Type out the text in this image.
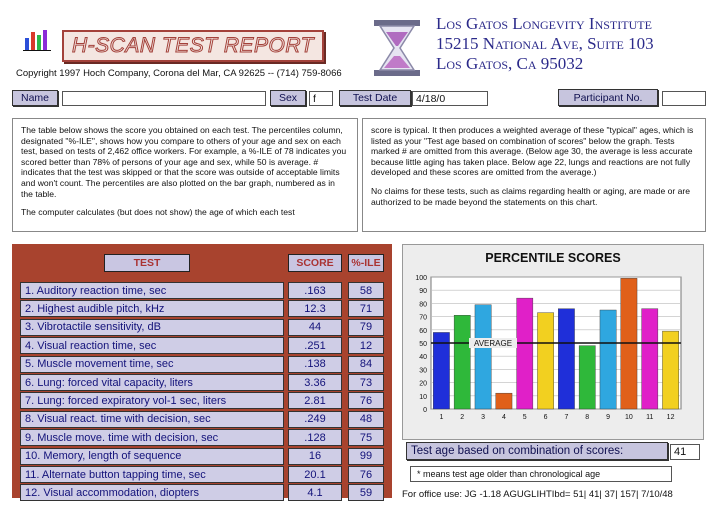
H-SCAN TEST REPORT
Copyright 1997 Hoch Company, Corona del Mar, CA 92625 -- (714) 759-8066
Los Gatos Longevity Institute
15215 National Ave, Suite 103
Los Gatos, Ca 95032
Name	Sex	f	Test Date	4/18/0	Participant No.

The table below shows the score you obtained on each test. The percentiles column, designated "%-ILE", shows how you compare to others of your age and sex on each test, based on tests of 2,462 office workers. For example, a %-ILE of 78 indicates you scored better than 78% of persons of your age and sex, while 50 is average. # indicates that the test was skipped or that the score was outside of acceptable limits and won't count. The percentiles are also plotted on the bar graph, numbered as in the table.

The computer calculates (but does not show) the age of which each test

score is typical. It then produces a weighted average of these "typical" ages, which is listed as your "Test age based on combination of scores" below the graph. Tests marked # are omitted from this average. (Below age 30, the average is less accurate because little aging has taken place. Below age 22, lungs and reactions are not fully developed and these scores are omitted from the average.)

No claims for these tests, such as claims regarding health or aging, are made or are authorized to be made beyond the statements on this chart.

TEST	SCORE	%-ILE
1. Auditory reaction time, sec	.163	58
2. Highest audible pitch, kHz	12.3	71
3. Vibrotactile sensitivity, dB	44	79
4. Visual reaction time, sec	.251	12
5. Muscle movement time, sec	.138	84
6. Lung: forced vital capacity, liters	3.36	73
7. Lung: forced expiratory vol-1 sec, liters	2.81	76
8. Visual react. time with decision, sec	.249	48
9. Muscle move. time with decision, sec	.128	75
10. Memory, length of sequence	16	99
11. Alternate button tapping time, sec	20.1	76
12. Visual accommodation, diopters	4.1	59
PERCENTILE SCORES
0
10
20
30
40
50
60
70
80
90
100
1 2 3 4 5 6 7 8 9 10 11 12
AVERAGE
Test age based on combination of scores:	41
* means test age older than chronological age
For office use: JG -1.18 AGUGLIHTIbd= 51| 41| 37| 157| 7/10/48
